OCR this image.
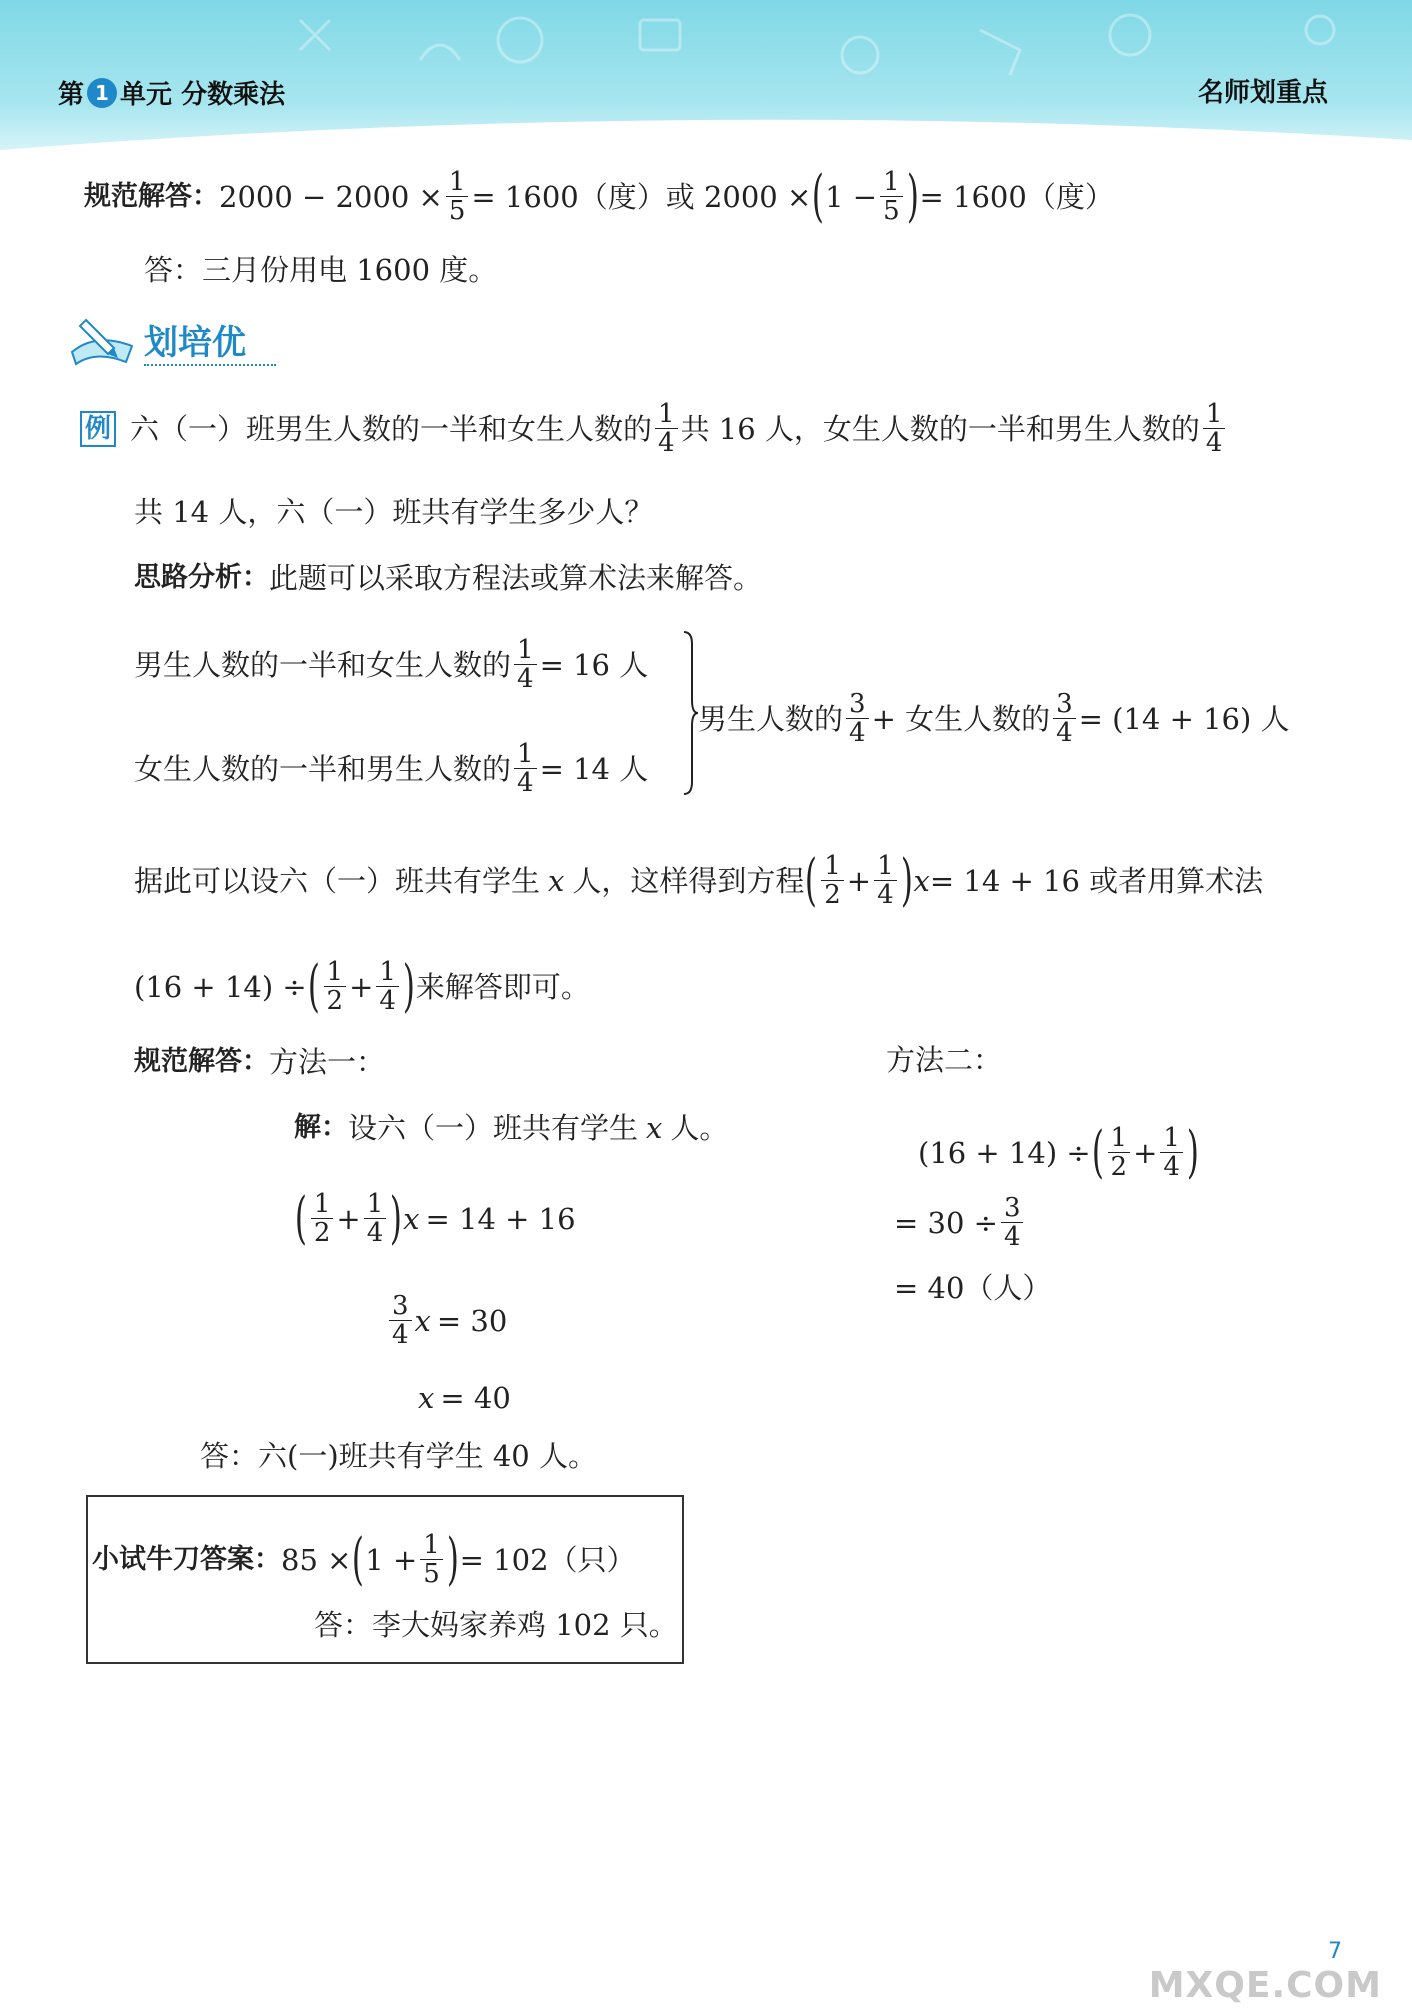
第 1 单元 分数乘法	名师划重点
规范解答： $2000 - 2000 \times \frac{1}{5} = 1600$（度）或 2000 × ( $1 - \frac{1}{5}$ ) = 1600（度）
答：三月份用电 1600 度。
划培优
例 六（一）班男生人数的一半和女生人数的 $\frac{1}{4}$ 共 16 人，女生人数的一半和男生人数的 $\frac{1}{4}$
共 14 人，六（一）班共有学生多少人？
思路分析： 此题可以采取方程法或算术法来解答。
男生人数的一半和女生人数的 $\frac{1}{4} = 16$ 人
女生人数的一半和男生人数的 $\frac{1}{4} = 14$ 人
男生人数的 $\frac{3}{4}$ + 女生人数的 $\frac{3}{4} = (14 + 16)$ 人
据此可以设六（一）班共有学生 x 人，这样得到方程 ( $\frac{1}{2} + \frac{1}{4}$ ) x = 14 + 16 或者用算术法
(16 + 14) ÷ ( $\frac{1}{2} + \frac{1}{4}$ ) 来解答即可。
规范解答： 方法一：	方法二：
解： 设六（一）班共有学生 x 人。
( $\frac{1}{2} + \frac{1}{4}$ ) x = 14 + 16
$\frac{3}{4}$ x = 30
x = 40
答：六(一)班共有学生 40 人。
(16 + 14) ÷ ( $\frac{1}{2} + \frac{1}{4}$ )
= $30 \div \frac{3}{4}$
= 40（人）
小试牛刀答案： 85 × ( $1 + \frac{1}{5}$ ) = 102（只）
答：李大妈家养鸡 102 只。
7
MXQE.COM
